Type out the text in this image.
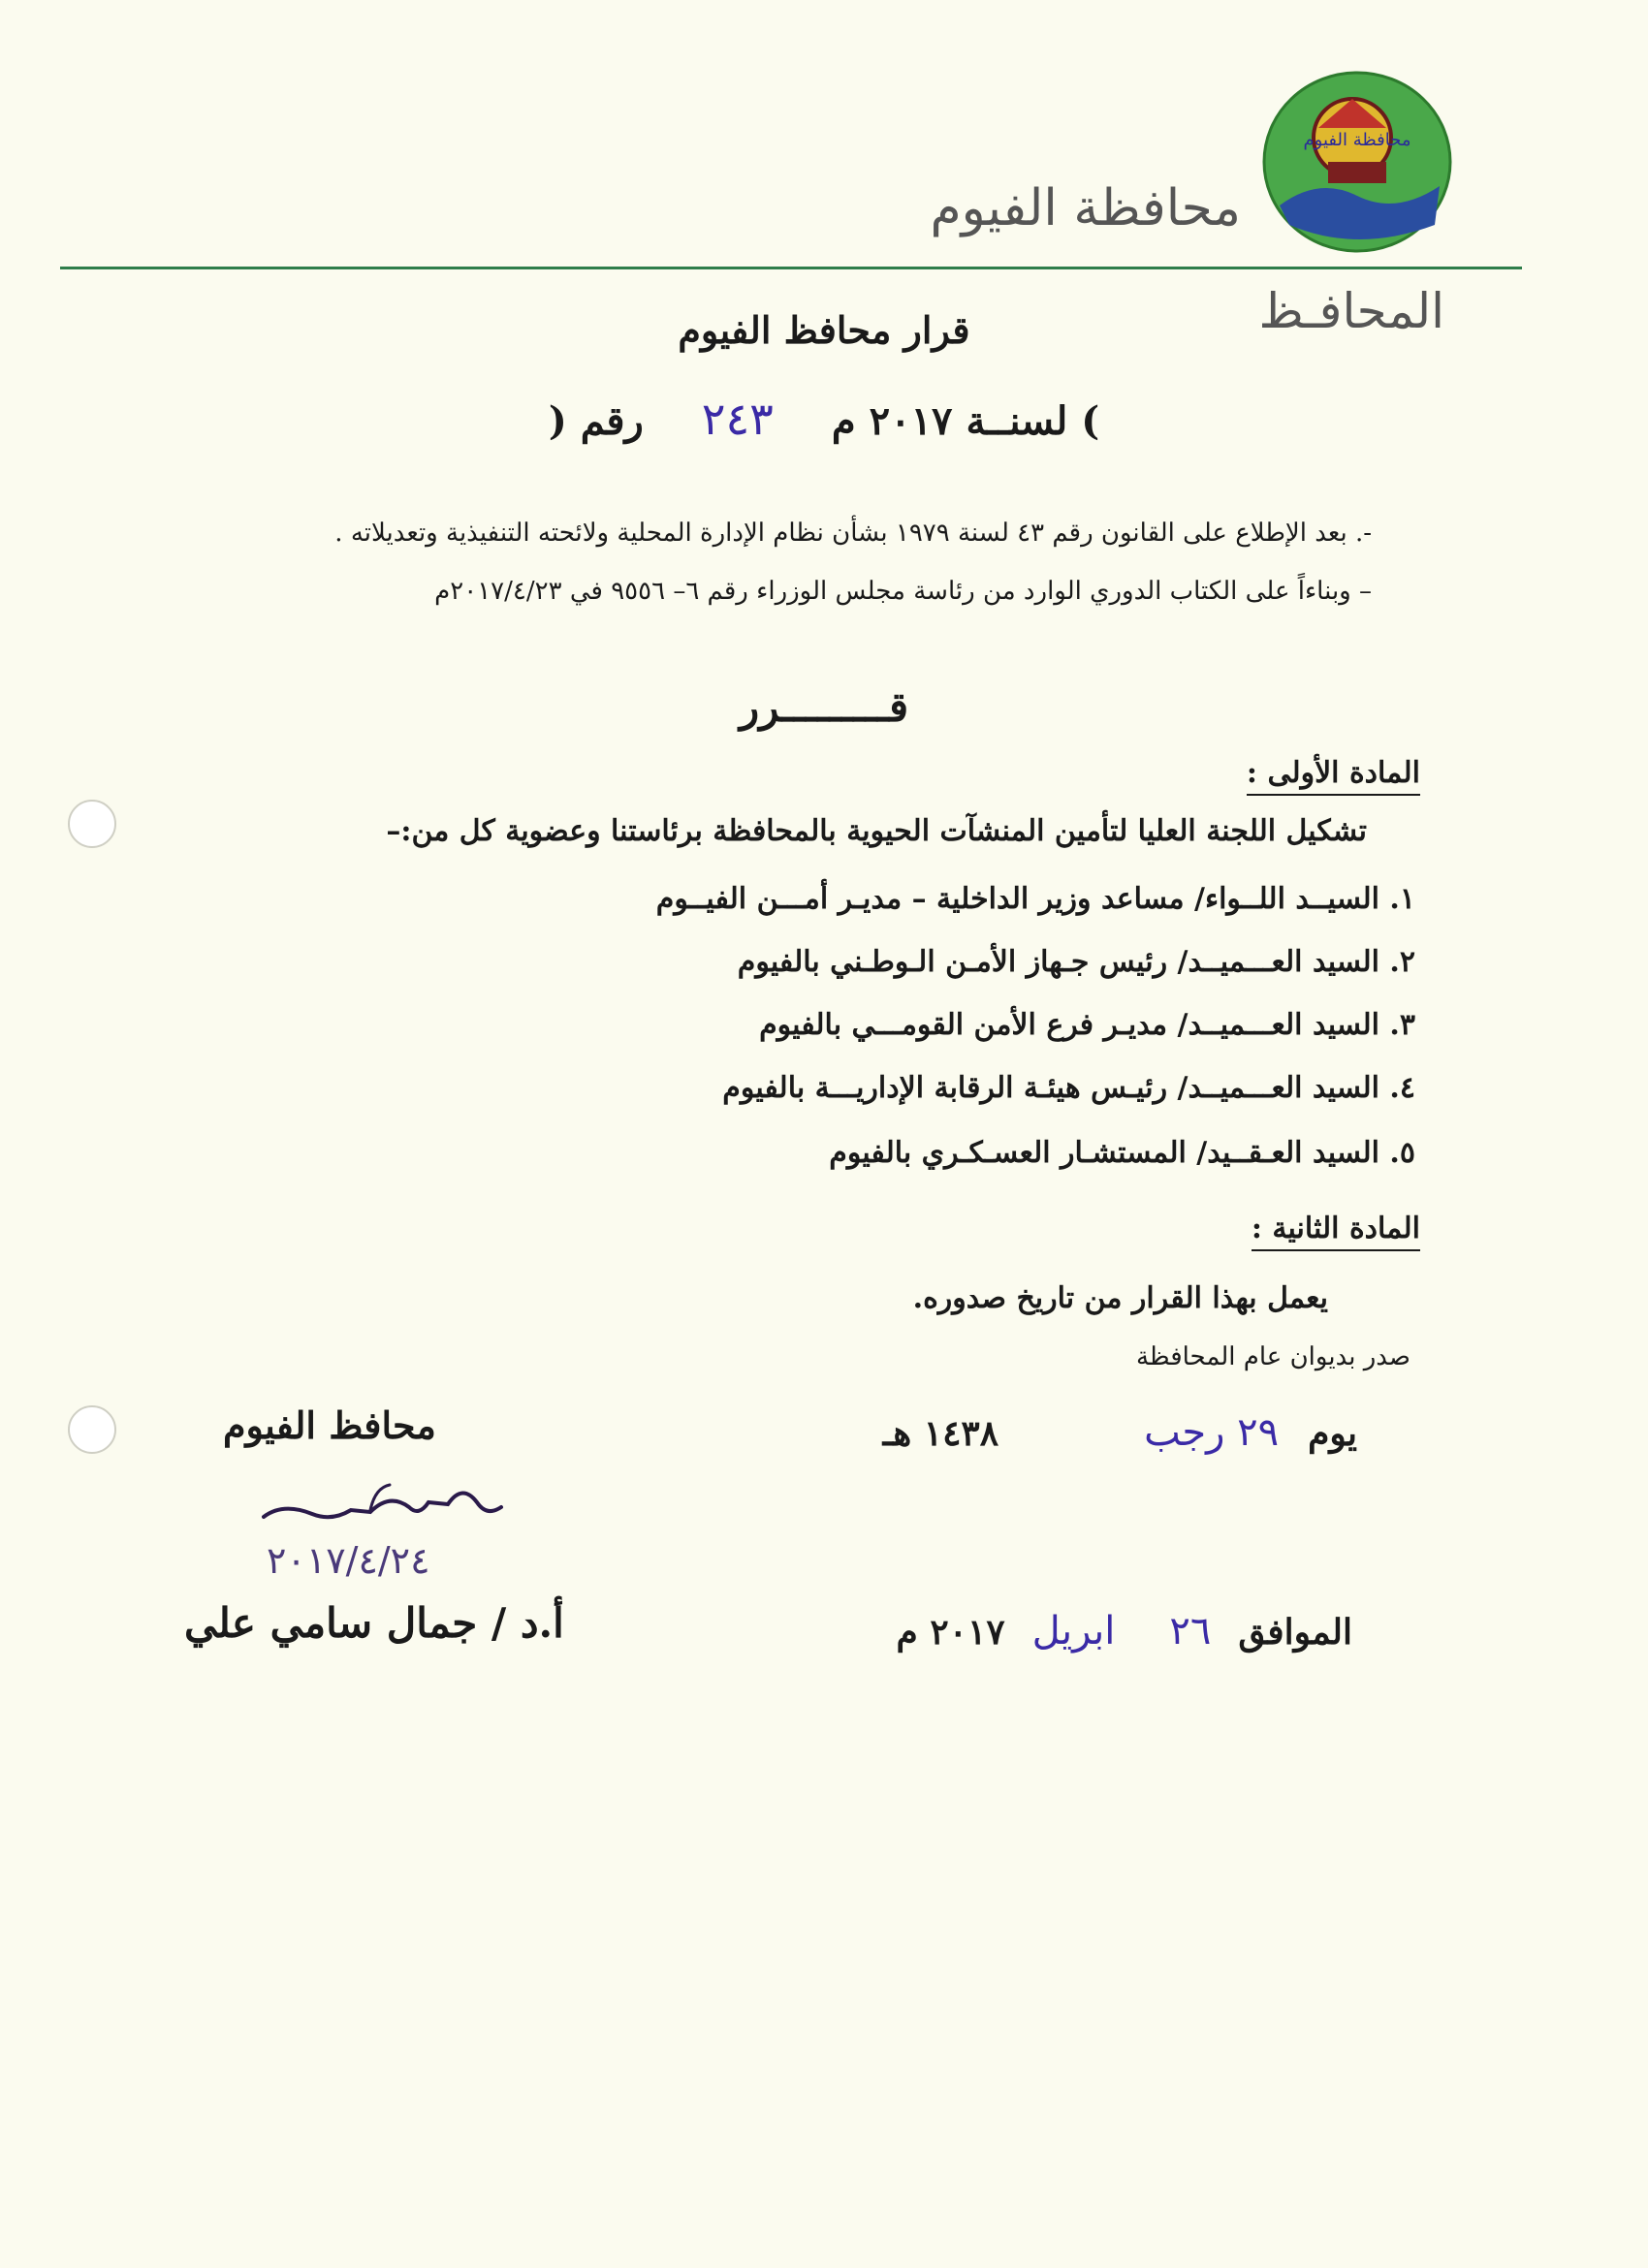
محافظة الفيوم
محافظة الفيوم
المحافـظ
قرار محافظ الفيوم
رقم ( ٢٤٣ ) لسنــة ٢٠١٧ م
-. بعد الإطلاع على القانون رقم ٤٣ لسنة ١٩٧٩ بشأن نظام الإدارة المحلية ولائحته التنفيذية وتعديلاته .
– وبناءاً على الكتاب الدوري الوارد من رئاسة مجلس الوزراء رقم ٦– ٩٥٥٦ في ٢٠١٧/٤/٢٣م
قـــــــــرر
المادة الأولى :
تشكيل اللجنة العليا لتأمين المنشآت الحيوية بالمحافظة برئاستنا وعضوية كل من:–
١. السيــد اللــواء/ مساعد وزير الداخلية – مديـر أمـــن الفيــوم
٢. السيد العـــميــد/ رئيس جـهاز الأمـن الـوطـني بالفيوم
٣. السيد العـــميــد/ مديـر فرع الأمن القومـــي بالفيوم
٤. السيد العـــميــد/ رئيـس هيئـة الرقابة الإداريـــة بالفيوم
٥. السيد العـقــيد/ المستشـار العسـكـري بالفيوم
المادة الثانية :
يعمل بهذا القرار من تاريخ صدوره.
صدر بديوان عام المحافظة
يوم٢٩ رجب١٤٣٨ هـ
الموافق٢٦ابريل٢٠١٧ م
محافظ الفيوم
٢٠١٧/٤/٢٤
أ.د / جمال سامي علي
